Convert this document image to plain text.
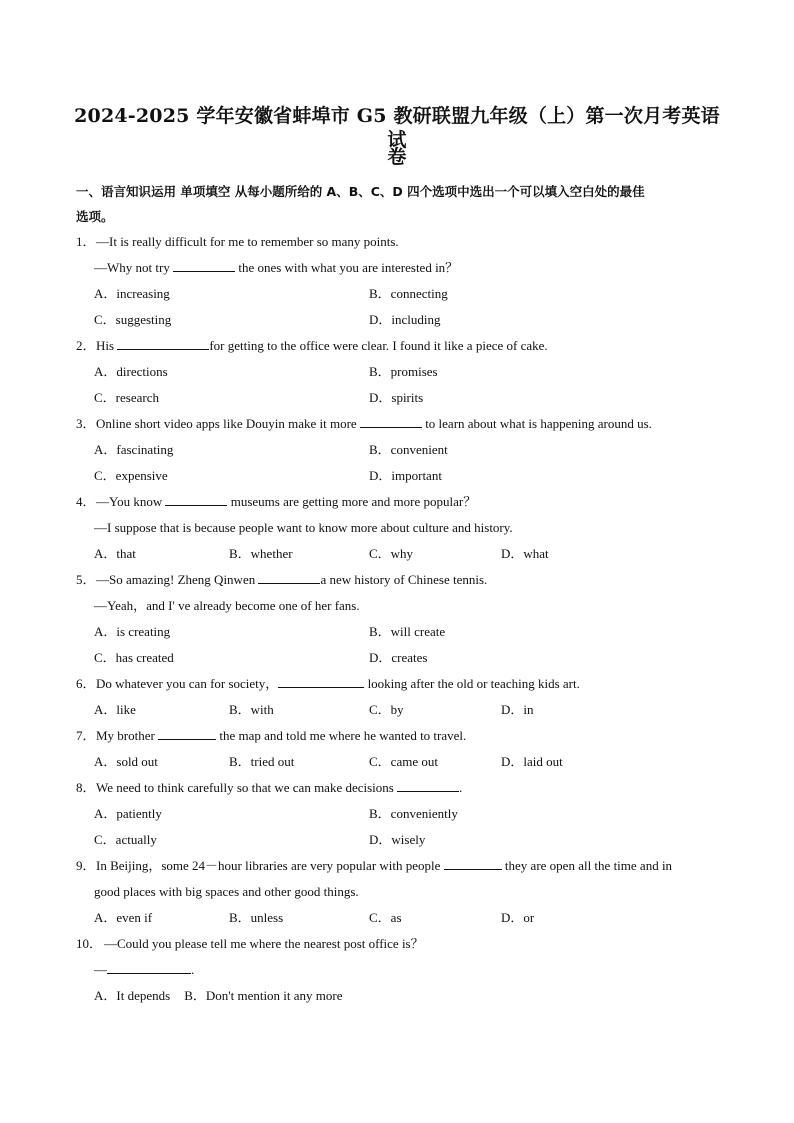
2024-2025 学年安徽省蚌埠市 G5 教研联盟九年级（上）第一次月考英语试
卷
一、语言知识运用 单项填空 从每小题所给的 A、B、C、D 四个选项中选出一个可以填入空白处的最佳
选项。
1． —It is really difficult for me to remember so many points.
—Why not try	the ones with what you are interested in？
A．increasing	B．connecting
C．suggesting	D．including
2． His	for getting to the office were clear. I found it like a piece of cake.
A．directions	B．promises
C．research	D．spirits
3． Online short video apps like Douyin make it more	to learn about what is happening around us.
A．fascinating	B．convenient
C．expensive	D．important
4． —You know	museums are getting more and more popular？
—I suppose that is because people want to know more about culture and history.
A．that	B．whether	C．why	D．what
5． —So amazing! Zheng Qinwen	a new history of Chinese tennis.
—Yeah，and I' ve already become one of her fans.
A．is creating	B．will create
C．has created	D．creates
6． Do whatever you can for society，	looking after the old or teaching kids art.
A．like	B．with	C．by	D．in
7． My brother	the map and told me where he wanted to travel.
A．sold out	B．tried out	C．came out	D．laid out
8． We need to think carefully so that we can make decisions	.
A．patiently	B．conveniently
C．actually	D．wisely
9． In Beijing，some 24－hour libraries are very popular with people	they are open all the time and in
good places with big spaces and other good things.
A．even if	B．unless	C．as	D．or
10． —Could you please tell me where the nearest post office is？
—	.
A．It depends B．Don't mention it any more
